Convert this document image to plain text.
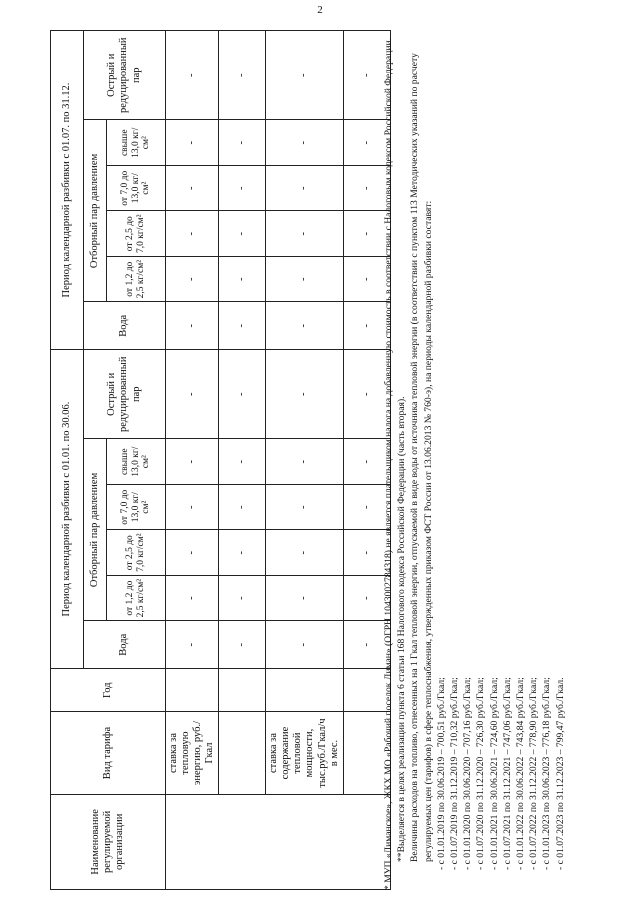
2
Наименование регулируемой организации	Вид тарифа	Год	Период календарной разбивки с 01.01. по 30.06.						Период календарной разбивки с 01.07. по 31.12.					
			Вода	Отборный пар давлением				Острый и редуцированный пар	Вода	Отборный пар давлением				Острый и редуцированный пар
				от 1,2 до 2,5 кг/см²	от 2,5 до 7,0 кг/см²	от 7,0 до 13,0 кг/см²	свыше 13,0 кг/см²			от 1,2 до 2,5 кг/см²	от 2,5 до 7,0 кг/см²	от 7,0 до 13,0 кг/см²	свыше 13,0 кг/см²	
	ставка за тепловую энергию, руб./Гкал		-	-	-	-	-	-	-	-	-	-	-	-
			-	-	-	-	-	-	-	-	-	-	-	-
	ставка за содержание тепловой мощности, тыс.руб./Гкал/ч в мес.		-	-	-	-	-	-	-	-	-	-	-	-
			-	-	-	-	-	-	-	-	-	-	-	- * МУП «Лиманское», ЖКХ МО «Рабочий поселок Лиман» (ОГРН 1043002784318) не является плательщиком налога на добавленную стоимость в соответствии с Налоговым кодексом Российской Федерации. **Выделяется в целях реализации пункта 6 статьи 168 Налогового кодекса Российской Федерации (часть вторая). Величины расходов на топливо, отнесенных на 1 Гкал тепловой энергии, отпускаемой в виде воды от источника тепловой энергии (в соответствии с пунктом 113 Методических указаний по расчету регулируемых цен (тарифов) в сфере теплоснабжения, утвержденных приказом ФСТ России от 13.06.2013 № 760-э), на периоды календарной разбивки составят: - с 01.01.2019 по 30.06.2019 – 700,51 руб./Гкал; - с 01.07.2019 по 31.12.2019 – 710,32 руб./Гкал; - с 01.01.2020 по 30.06.2020 – 707,16 руб./Гкал; - с 01.07.2020 по 31.12.2020 – 726,30 руб./Гкал; - с 01.01.2021 по 30.06.2021 – 724,60 руб./Гкал; - с 01.07.2021 по 31.12.2021 – 747,06 руб./Гкал; - с 01.01.2022 по 30.06.2022 – 743,84 руб./Гкал; - с 01.07.2022 по 31.12.2022 – 778,90 руб./Гкал; - с 01.01.2023 по 30.06.2023 – 776,18 руб./Гкал; - с 01.07.2023 по 31.12.2023 – 799,47 руб./Гкал.
